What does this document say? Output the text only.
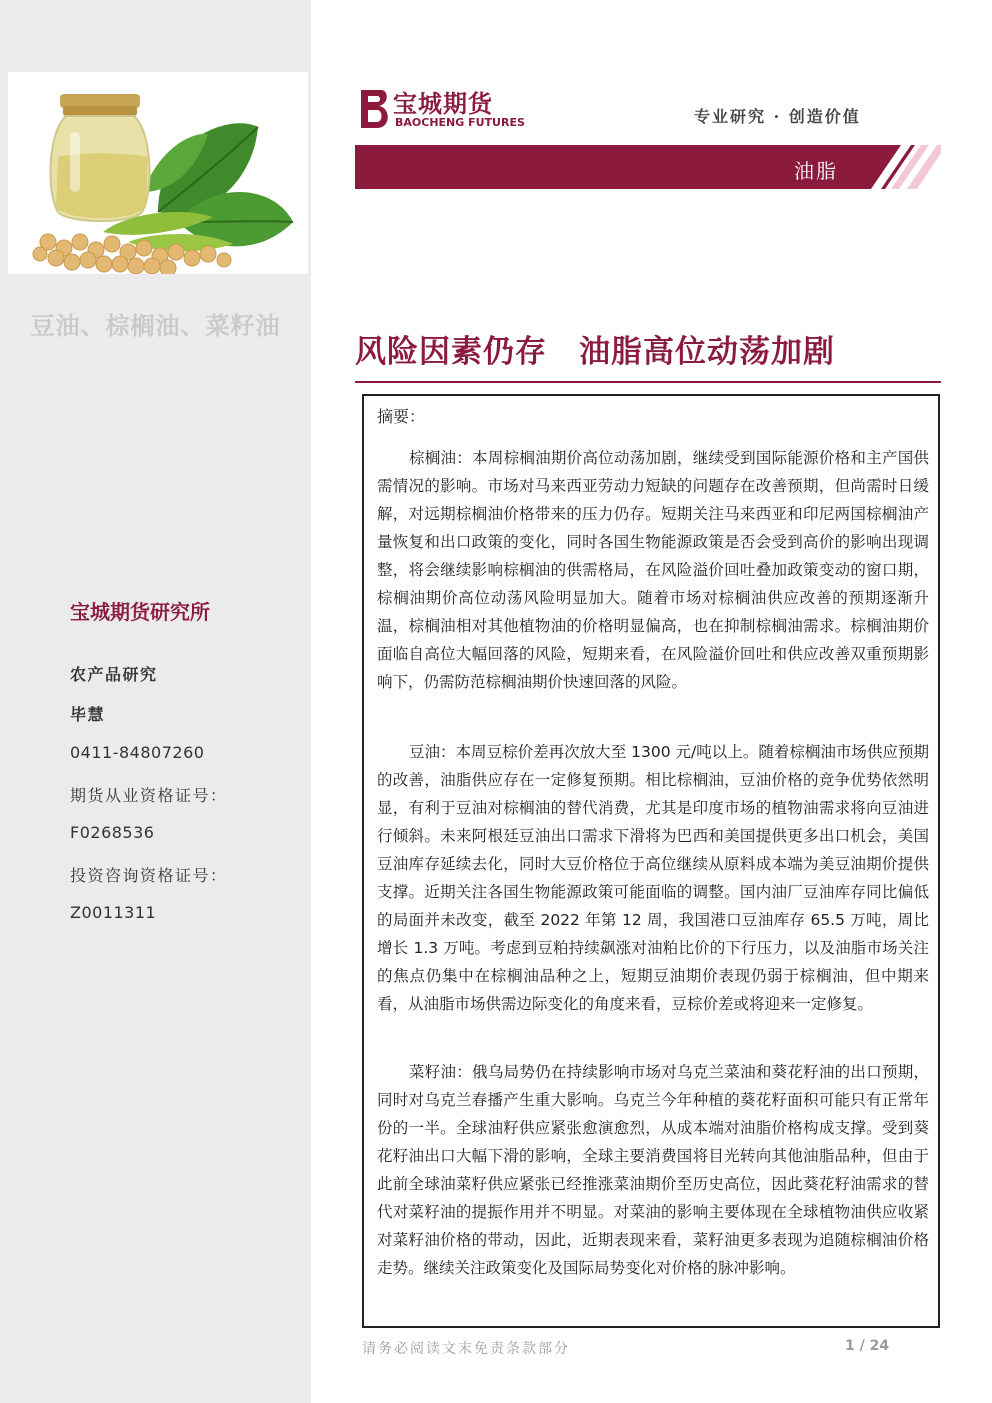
豆油、棕榈油、菜籽油
宝城期货研究所
农产品研究
毕慧
0411-84807260
期货从业资格证号：
F0268536
投资咨询资格证号：
Z0011311
宝城期货
BAOCHENG FUTURES	专业研究 · 创造价值
油脂
风险因素仍存　油脂高位动荡加剧
摘要：

棕榈油：本周棕榈油期价高位动荡加剧，继续受到国际能源价格和主产国供需情况的影响。市场对马来西亚劳动力短缺的问题存在改善预期，但尚需时日缓解，对远期棕榈油价格带来的压力仍存。短期关注马来西亚和印尼两国棕榈油产量恢复和出口政策的变化，同时各国生物能源政策是否会受到高价的影响出现调整，将会继续影响棕榈油的供需格局，在风险溢价回吐叠加政策变动的窗口期，棕榈油期价高位动荡风险明显加大。随着市场对棕榈油供应改善的预期逐渐升温，棕榈油相对其他植物油的价格明显偏高，也在抑制棕榈油需求。棕榈油期价面临自高位大幅回落的风险，短期来看，在风险溢价回吐和供应改善双重预期影响下，仍需防范棕榈油期价快速回落的风险。

豆油：本周豆棕价差再次放大至 1300 元/吨以上。随着棕榈油市场供应预期的改善，油脂供应存在一定修复预期。相比棕榈油，豆油价格的竞争优势依然明显，有利于豆油对棕榈油的替代消费，尤其是印度市场的植物油需求将向豆油进行倾斜。未来阿根廷豆油出口需求下滑将为巴西和美国提供更多出口机会，美国豆油库存延续去化，同时大豆价格位于高位继续从原料成本端为美豆油期价提供支撑。近期关注各国生物能源政策可能面临的调整。国内油厂豆油库存同比偏低的局面并未改变，截至 2022 年第 12 周，我国港口豆油库存 65.5 万吨，周比增长 1.3 万吨。考虑到豆粕持续飙涨对油粕比价的下行压力，以及油脂市场关注的焦点仍集中在棕榈油品种之上，短期豆油期价表现仍弱于棕榈油，但中期来看，从油脂市场供需边际变化的角度来看，豆棕价差或将迎来一定修复。

菜籽油：俄乌局势仍在持续影响市场对乌克兰菜油和葵花籽油的出口预期，同时对乌克兰春播产生重大影响。乌克兰今年种植的葵花籽面积可能只有正常年份的一半。全球油籽供应紧张愈演愈烈，从成本端对油脂价格构成支撑。受到葵花籽油出口大幅下滑的影响，全球主要消费国将目光转向其他油脂品种，但由于此前全球油菜籽供应紧张已经推涨菜油期价至历史高位，因此葵花籽油需求的替代对菜籽油的提振作用并不明显。对菜油的影响主要体现在全球植物油供应收紧对菜籽油价格的带动，因此，近期表现来看，菜籽油更多表现为追随棕榈油价格走势。继续关注政策变化及国际局势变化对价格的脉冲影响。

请务必阅读文末免责条款部分	1 / 24
